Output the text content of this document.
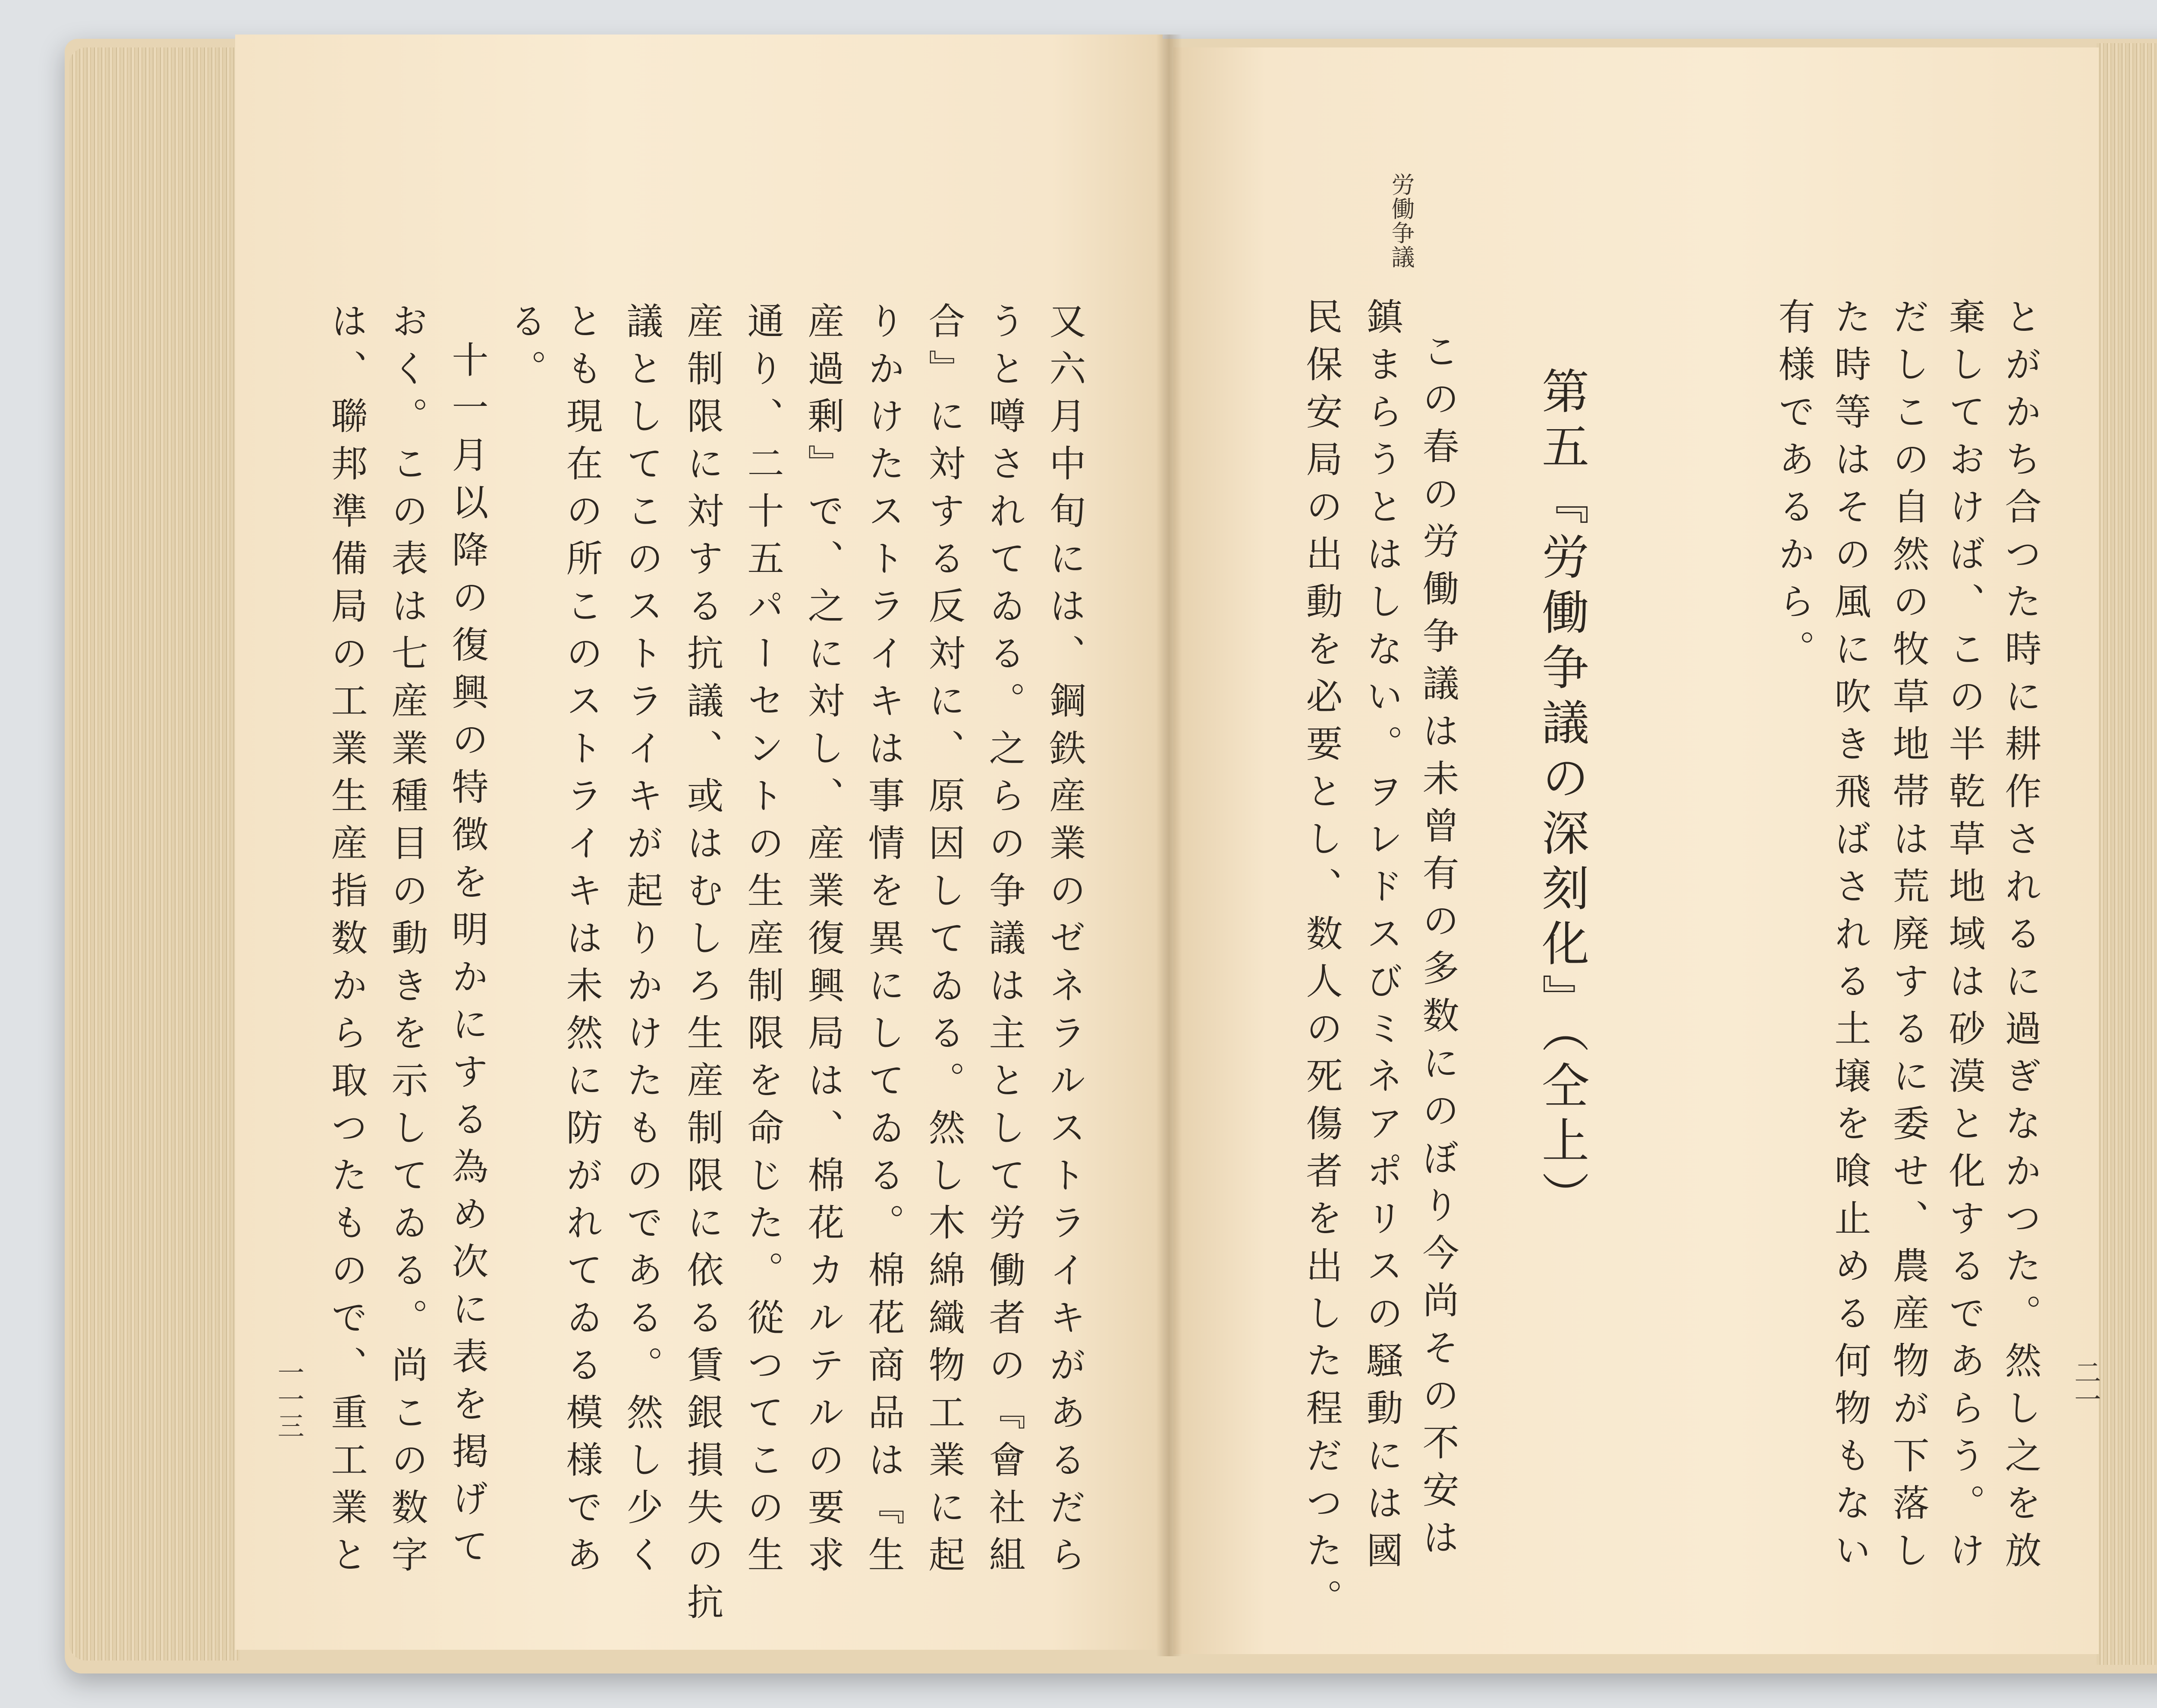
労働争議
とがかち合つた時に耕作されるに過ぎなかつた。然し之を放
棄しておけば、この半乾草地域は砂漠と化するであらう。け
だしこの自然の牧草地帯は荒廃するに委せ、農産物が下落し
た時等はその風に吹き飛ばされる土壌を喰止める何物もない
有様であるから。
第五『労働争議の深刻化』（仝上）
この春の労働争議は未曾有の多数にのぼり今尚その不安は
鎮まらうとはしない。ヲレドスびミネアポリスの騒動には國
民保安局の出動を必要とし、数人の死傷者を出した程だつた。	二一
又六月中旬には、鋼鉄産業のゼネラルストライキがあるだら
うと噂されてゐる。之らの争議は主として労働者の『會社組
合』に対する反対に、原因してゐる。然し木綿織物工業に起
りかけたストライキは事情を異にしてゐる。棉花商品は『生
産過剰』で、之に対し、産業復興局は、棉花カルテルの要求
通り、二十五パーセントの生産制限を命じた。從つてこの生
産制限に対する抗議、或はむしろ生産制限に依る賃銀損失の抗
議としてこのストライキが起りかけたものである。然し少く
とも現在の所このストライキは未然に防がれてゐる模様であ
る。
十一月以降の復興の特徴を明かにする為め次に表を掲げて
おく。この表は七産業種目の動きを示してゐる。尚この数字
は、聯邦準備局の工業生産指数から取つたもので、重工業と
一一三
